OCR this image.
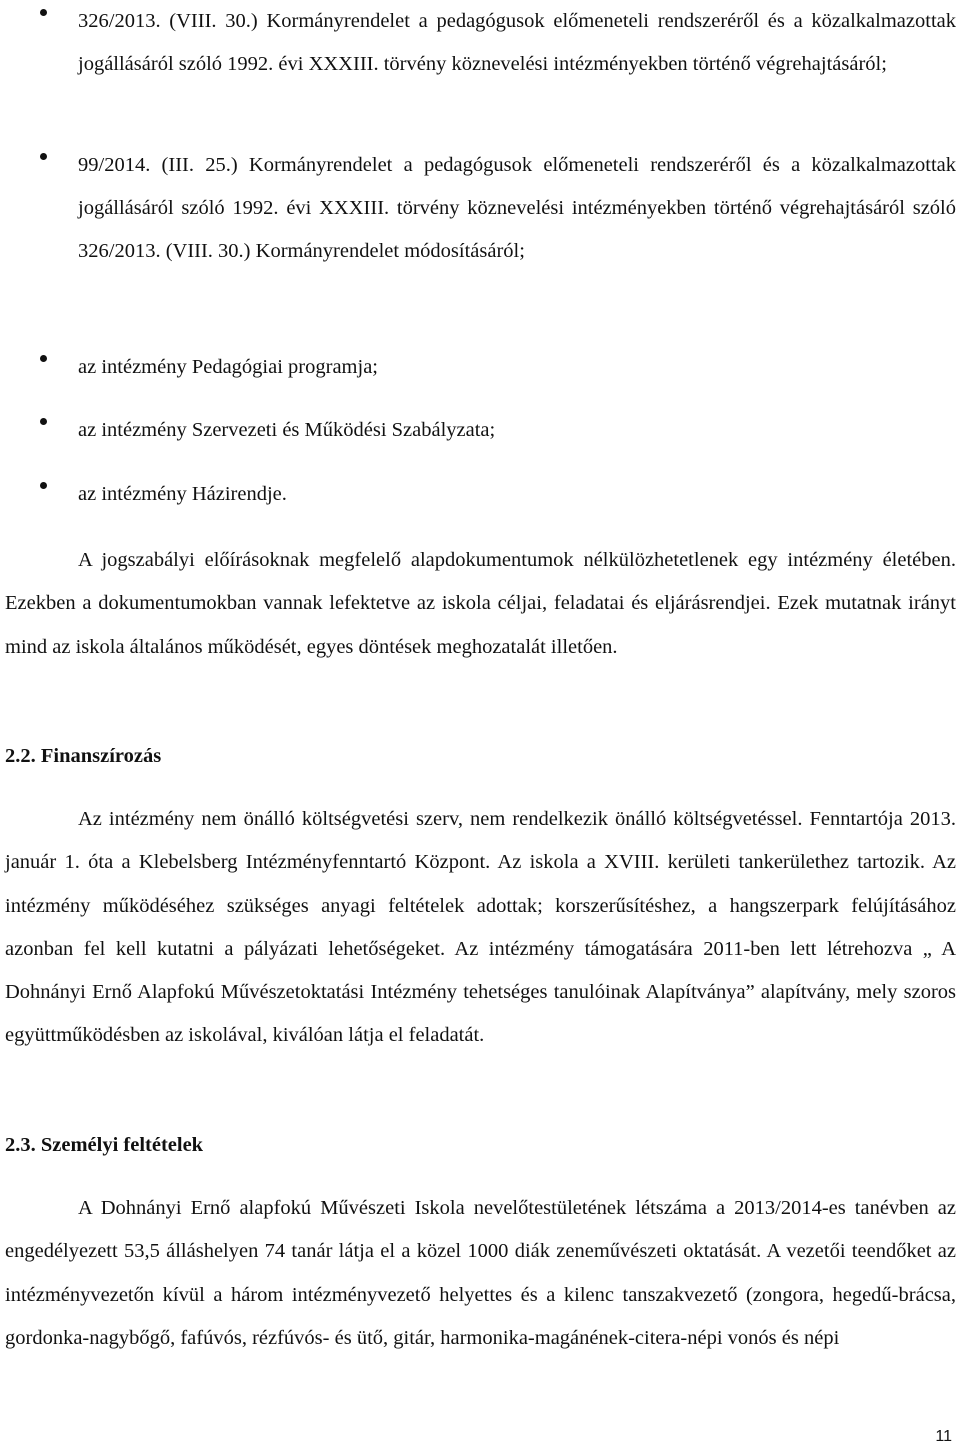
326/2013. (VIII. 30.) Kormányrendelet a pedagógusok előmeneteli rendszeréről és a közalkalmazottak jogállásáról szóló 1992. évi XXXIII. törvény köznevelési intézményekben történő végrehajtásáról;
99/2014. (III. 25.) Kormányrendelet a pedagógusok előmeneteli rendszeréről és a közalkalmazottak jogállásáról szóló 1992. évi XXXIII. törvény köznevelési intézményekben történő végrehajtásáról szóló 326/2013. (VIII. 30.) Kormányrendelet módosításáról;
az intézmény Pedagógiai programja;
az intézmény Szervezeti és Működési Szabályzata;
az intézmény Házirendje.
A jogszabályi előírásoknak megfelelő alapdokumentumok nélkülözhetetlenek egy intézmény életében. Ezekben a dokumentumokban vannak lefektetve az iskola céljai, feladatai és eljárásrendjei. Ezek mutatnak irányt mind az iskola általános működését, egyes döntések meghozatalát illetően.
2.2. Finanszírozás
Az intézmény nem önálló költségvetési szerv, nem rendelkezik önálló költségvetéssel. Fenntartója 2013. január 1. óta a Klebelsberg Intézményfenntartó Központ. Az iskola a XVIII. kerületi tankerülethez tartozik. Az intézmény működéséhez szükséges anyagi feltételek adottak; korszerűsítéshez, a hangszerpark felújításához azonban fel kell kutatni a pályázati lehetőségeket. Az intézmény támogatására 2011-ben lett létrehozva „ A Dohnányi Ernő Alapfokú Művészetoktatási Intézmény tehetséges tanulóinak Alapítványa” alapítvány, mely szoros együttműködésben az iskolával, kiválóan látja el feladatát.
2.3. Személyi feltételek
A Dohnányi Ernő alapfokú Művészeti Iskola nevelőtestületének létszáma a 2013/2014-es tanévben az engedélyezett 53,5 álláshelyen 74 tanár látja el a közel 1000 diák zeneművészeti oktatását. A vezetői teendőket az intézményvezetőn kívül a három intézményvezető helyettes és a kilenc tanszakvezető (zongora, hegedű-brácsa, gordonka-nagybőgő, fafúvós, rézfúvós- és ütő, gitár, harmonika-magánének-citera-népi vonós és népi
11
